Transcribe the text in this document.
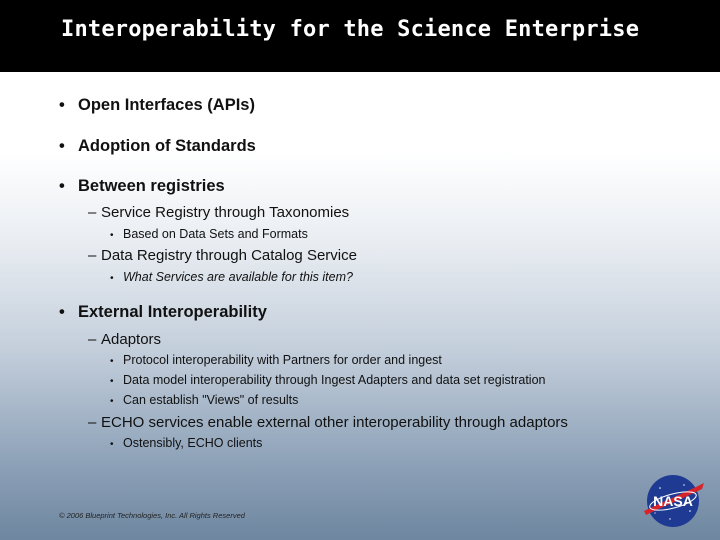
Interoperability for the Science Enterprise
• Open Interfaces (APIs)
• Adoption of Standards
• Between registries
– Service Registry through Taxonomies
• Based on Data Sets and Formats
– Data Registry through Catalog Service
• What Services are available for this item?
• External Interoperability
– Adaptors
• Protocol interoperability with Partners for order and ingest
• Data model interoperability through Ingest Adapters and data set registration
• Can establish "Views" of results
– ECHO services enable external other interoperability through adaptors
• Ostensibly, ECHO clients
© 2006 Blueprint Technologies, Inc. All Rights Reserved
NASA
